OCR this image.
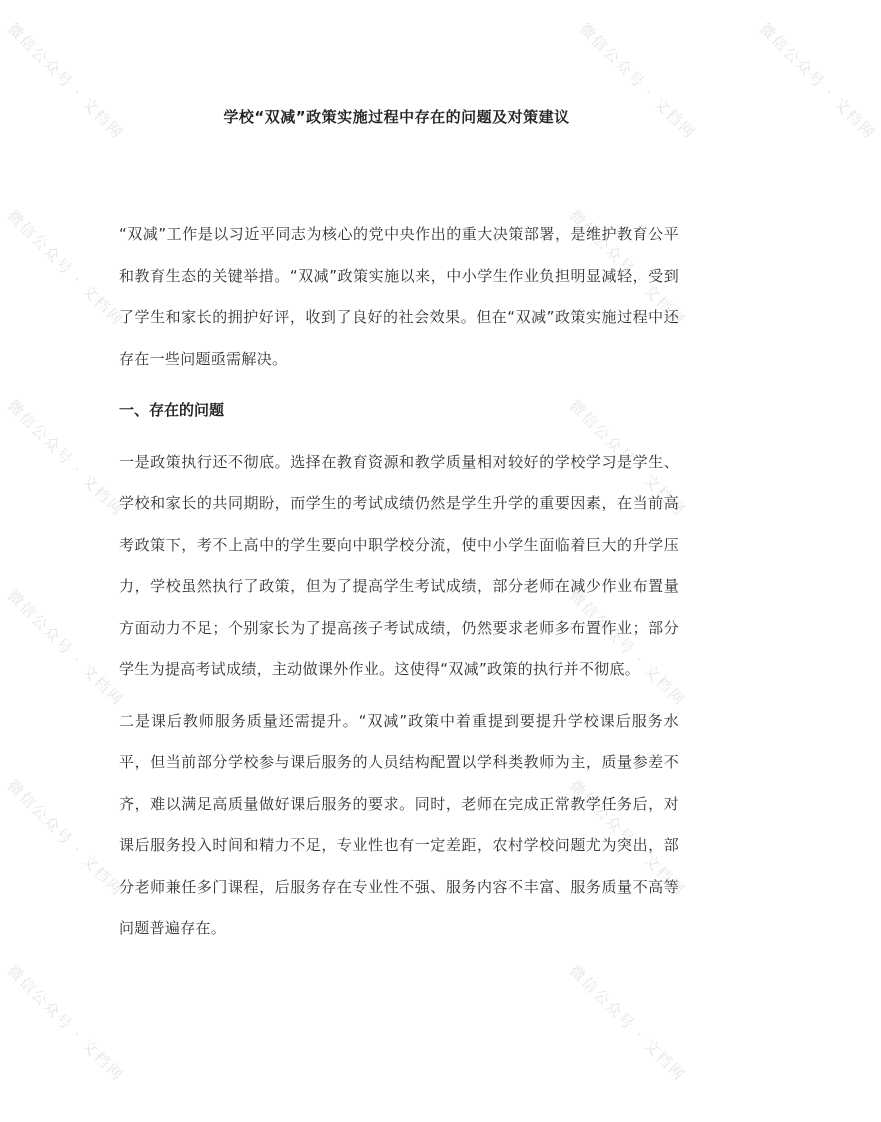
微信公众号 · 文档网	微信公众号 · 文档网	微信公众号 · 文档网
微信公众号 · 文档网	微信公众号 · 文档网
微信公众号 · 文档网	微信公众号 · 文档网
微信公众号 · 文档网	微信公众号 · 文档网
微信公众号 · 文档网	微信公众号 · 文档网
微信公众号 · 文档网	微信公众号 · 文档网
学校“双减”政策实施过程中存在的问题及对策建议

“双减”工作是以习近平同志为核心的党中央作出的重大决策部署，是维护教育公平和教育生态的关键举措。“双减”政策实施以来，中小学生作业负担明显减轻，受到了学生和家长的拥护好评，收到了良好的社会效果。但在“双减”政策实施过程中还存在一些问题亟需解决。

一、存在的问题

一是政策执行还不彻底。选择在教育资源和教学质量相对较好的学校学习是学生、学校和家长的共同期盼，而学生的考试成绩仍然是学生升学的重要因素，在当前高考政策下，考不上高中的学生要向中职学校分流，使中小学生面临着巨大的升学压力，学校虽然执行了政策，但为了提高学生考试成绩，部分老师在减少作业布置量方面动力不足；个别家长为了提高孩子考试成绩，仍然要求老师多布置作业；部分学生为提高考试成绩，主动做课外作业。这使得“双减”政策的执行并不彻底。

二是课后教师服务质量还需提升。“双减”政策中着重提到要提升学校课后服务水平，但当前部分学校参与课后服务的人员结构配置以学科类教师为主，质量参差不齐，难以满足高质量做好课后服务的要求。同时，老师在完成正常教学任务后，对课后服务投入时间和精力不足，专业性也有一定差距，农村学校问题尤为突出，部分老师兼任多门课程，后服务存在专业性不强、服务内容不丰富、服务质量不高等问题普遍存在。
